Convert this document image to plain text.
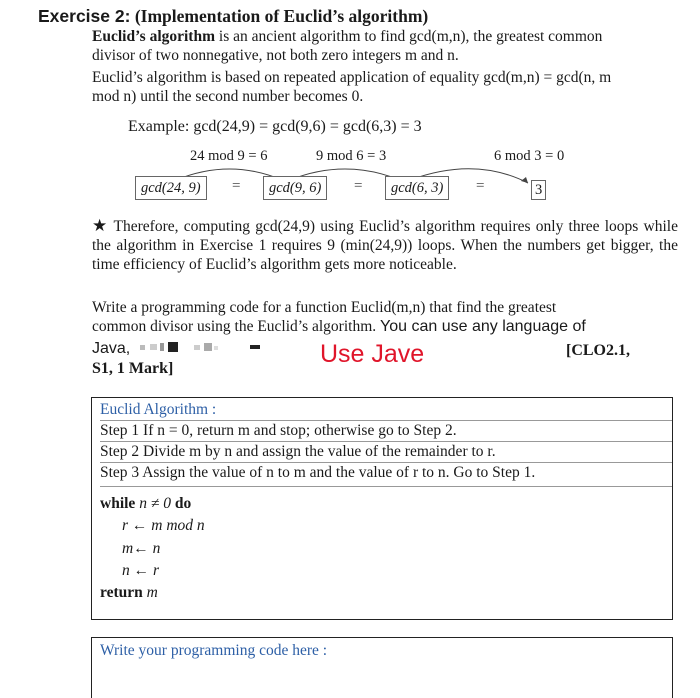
Exercise 2: (Implementation of Euclid’s algorithm)
Euclid’s algorithm is an ancient algorithm to find gcd(m,n), the greatest common
divisor of two nonnegative, not both zero integers m and n.
Euclid’s algorithm is based on repeated application of equality gcd(m,n) = gcd(n, m
mod n) until the second number becomes 0.
Example: gcd(24,9) = gcd(9,6) = gcd(6,3) = 3
24 mod 9 = 6	9 mod 6 = 3	6 mod 3 = 0
gcd(24, 9)	=	gcd(9, 6)	=	gcd(6, 3)	=	3
★ Therefore, computing gcd(24,9) using Euclid’s algorithm requires only three loops while the algorithm in Exercise 1 requires 9 (min(24,9)) loops. When the numbers get bigger, the time efficiency of Euclid’s algorithm gets more noticeable.
Write a programming code for a function Euclid(m,n) that find the greatest
common divisor using the Euclid’s algorithm. You can use any language of
Java,	Use Jave	[CLO2.1,
S1, 1 Mark]
Euclid Algorithm :
Step 1 If n = 0, return m and stop; otherwise go to Step 2.
Step 2 Divide m by n and assign the value of the remainder to r.
Step 3 Assign the value of n to m and the value of r to n. Go to Step 1.
while n ≠ 0 do
r ← m mod n
m← n
n ← r
return m
Write your programming code here :
